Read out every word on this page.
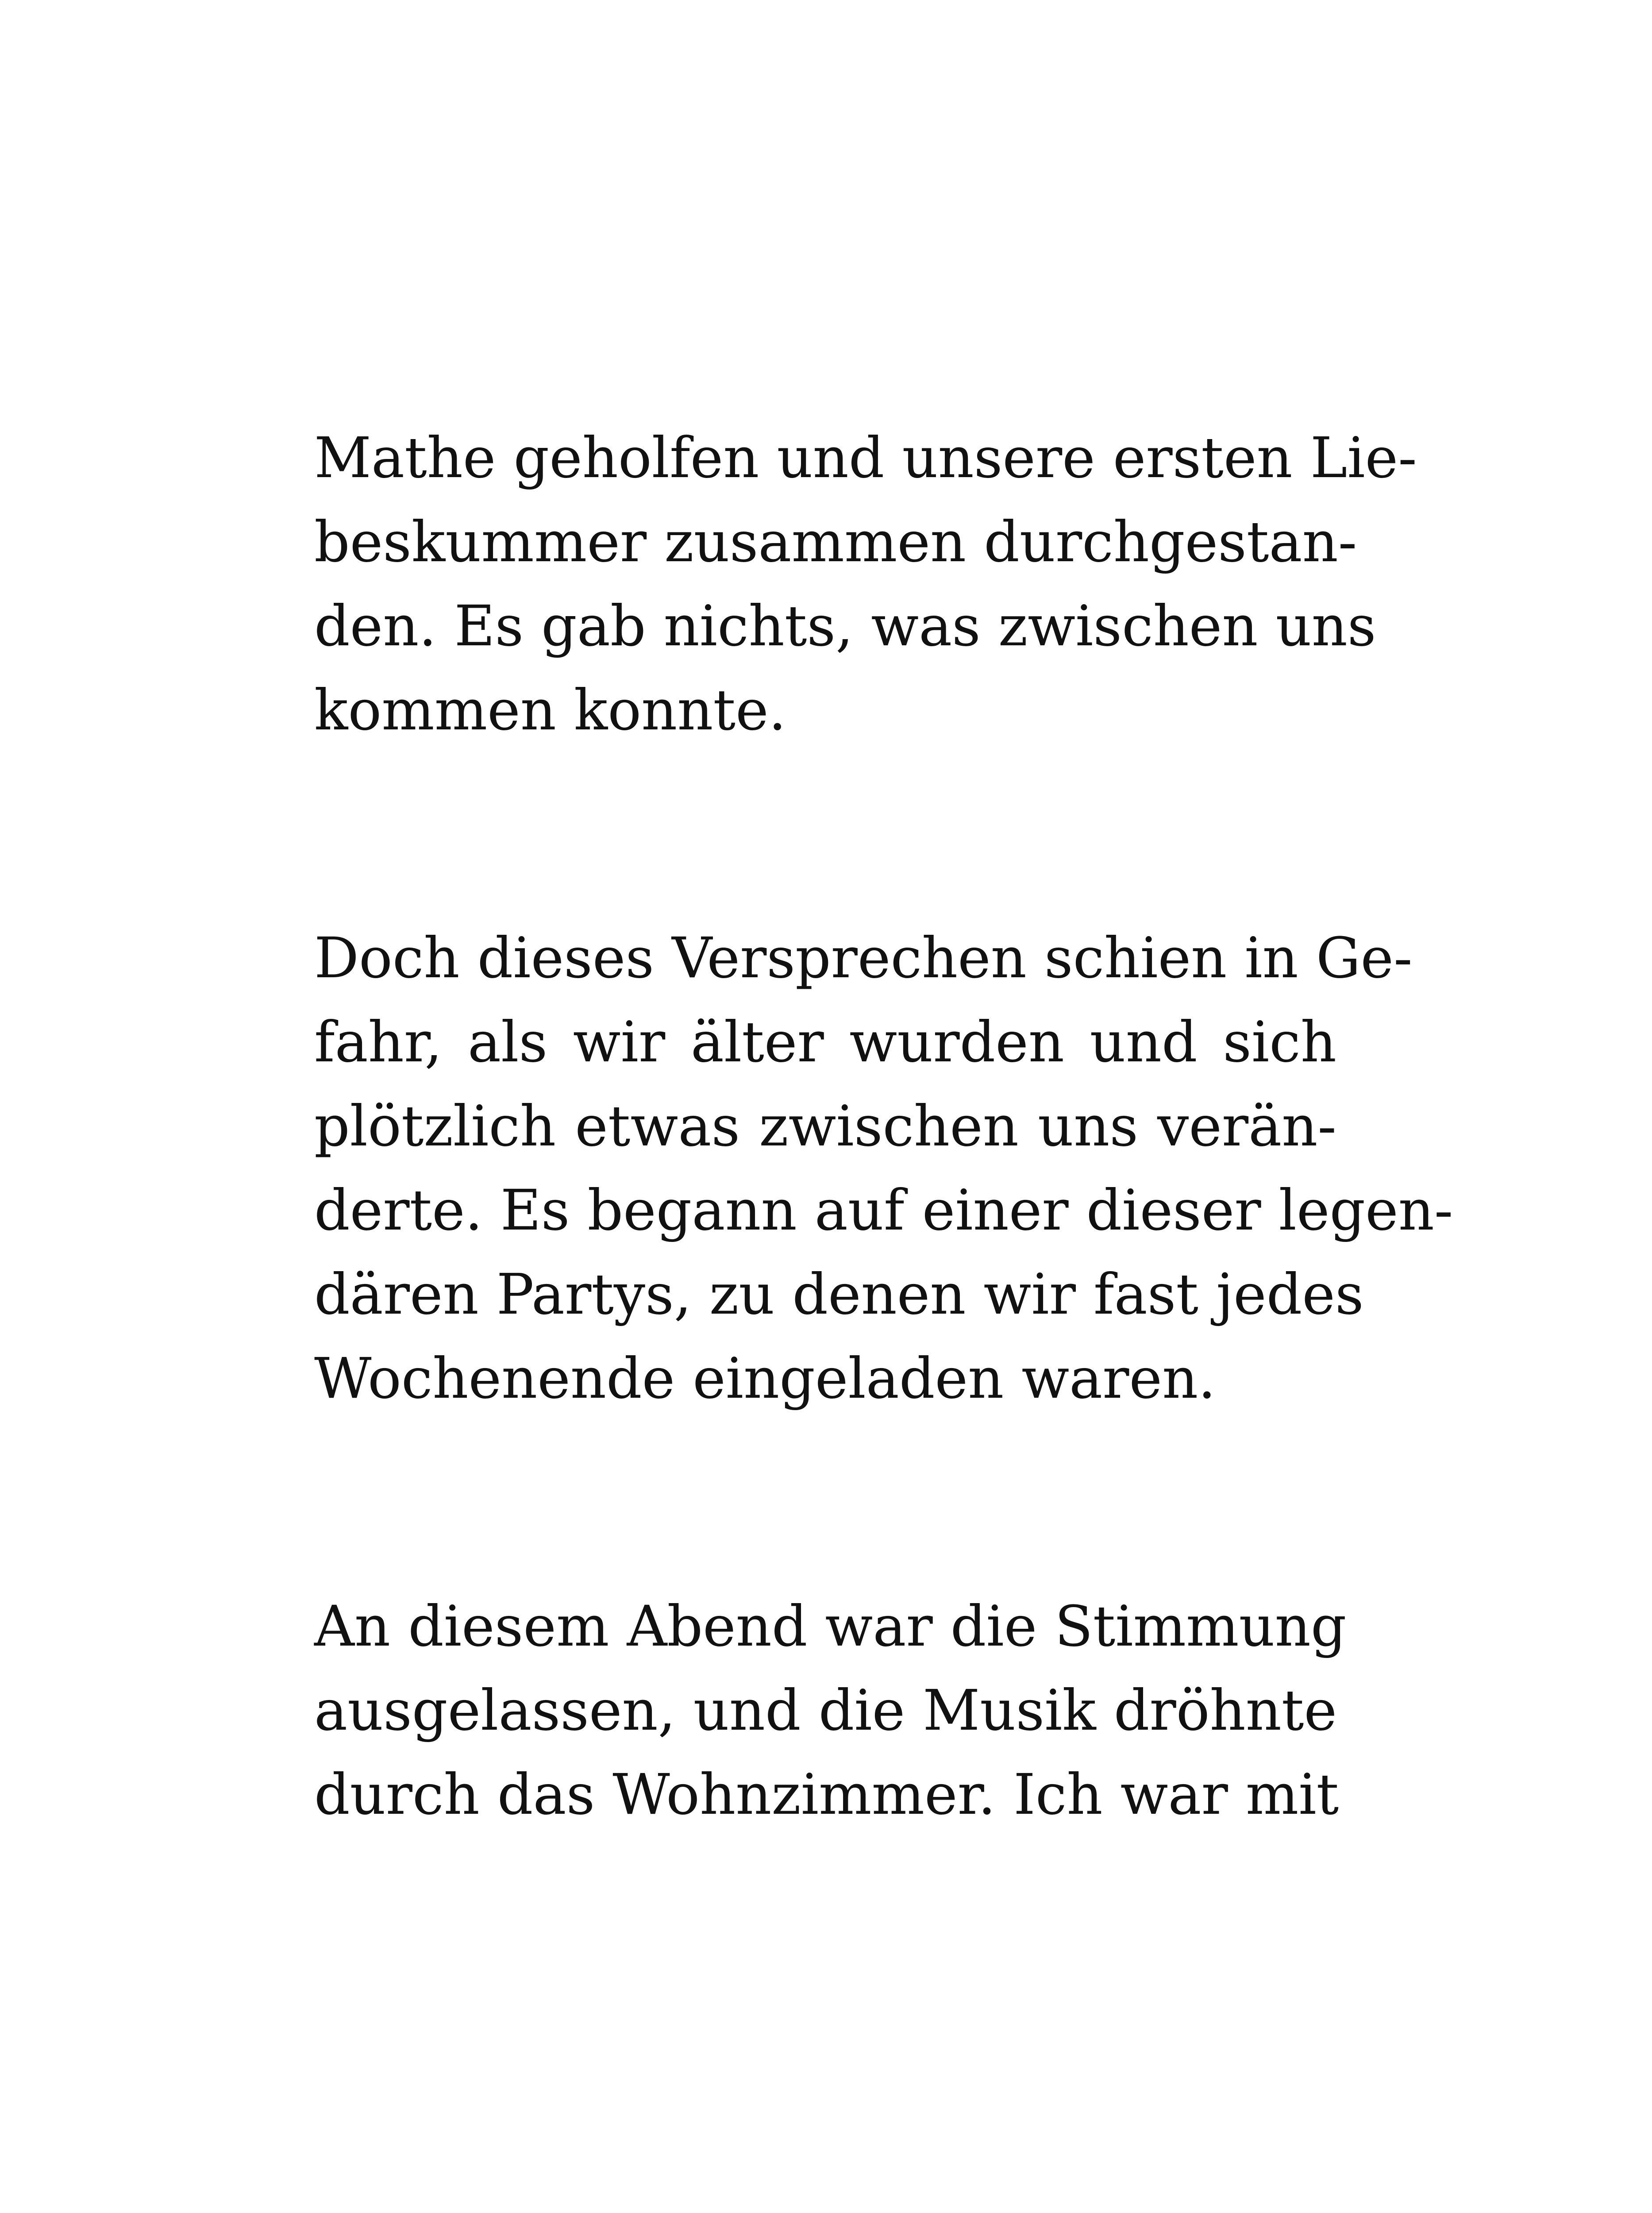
Mathe geholfen und unsere ersten Lie-
beskummer zusammen durchgestan-
den. Es gab nichts, was zwischen uns
kommen konnte.
Doch dieses Versprechen schien in Ge-
fahr, als wir älter wurden und sich
plötzlich etwas zwischen uns verän-
derte. Es begann auf einer dieser legen-
dären Partys, zu denen wir fast jedes
Wochenende eingeladen waren.
An diesem Abend war die Stimmung
ausgelassen, und die Musik dröhnte
durch das Wohnzimmer. Ich war mit
